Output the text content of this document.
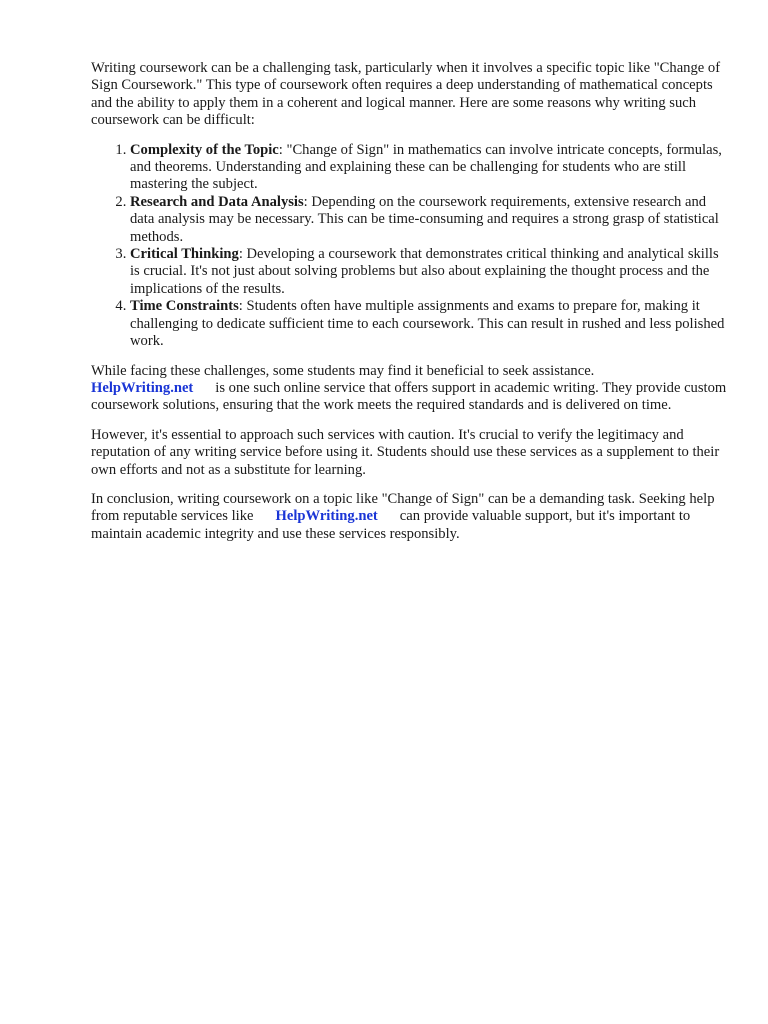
Writing coursework can be a challenging task, particularly when it involves a specific topic like "Change of Sign Coursework." This type of coursework often requires a deep understanding of mathematical concepts and the ability to apply them in a coherent and logical manner. Here are some reasons why writing such coursework can be difficult:

1. Complexity of the Topic: "Change of Sign" in mathematics can involve intricate concepts, formulas, and theorems. Understanding and explaining these can be challenging for students who are still mastering the subject.
2. Research and Data Analysis: Depending on the coursework requirements, extensive research and data analysis may be necessary. This can be time-consuming and requires a strong grasp of statistical methods.
3. Critical Thinking: Developing a coursework that demonstrates critical thinking and analytical skills is crucial. It's not just about solving problems but also about explaining the thought process and the implications of the results.
4. Time Constraints: Students often have multiple assignments and exams to prepare for, making it challenging to dedicate sufficient time to each coursework. This can result in rushed and less polished work.

While facing these challenges, some students may find it beneficial to seek assistance.
HelpWriting.net is one such online service that offers support in academic writing. They provide custom coursework solutions, ensuring that the work meets the required standards and is delivered on time.

However, it's essential to approach such services with caution. It's crucial to verify the legitimacy and reputation of any writing service before using it. Students should use these services as a supplement to their own efforts and not as a substitute for learning.

In conclusion, writing coursework on a topic like "Change of Sign" can be a demanding task. Seeking help from reputable services like HelpWriting.net can provide valuable support, but it's important to maintain academic integrity and use these services responsibly.
